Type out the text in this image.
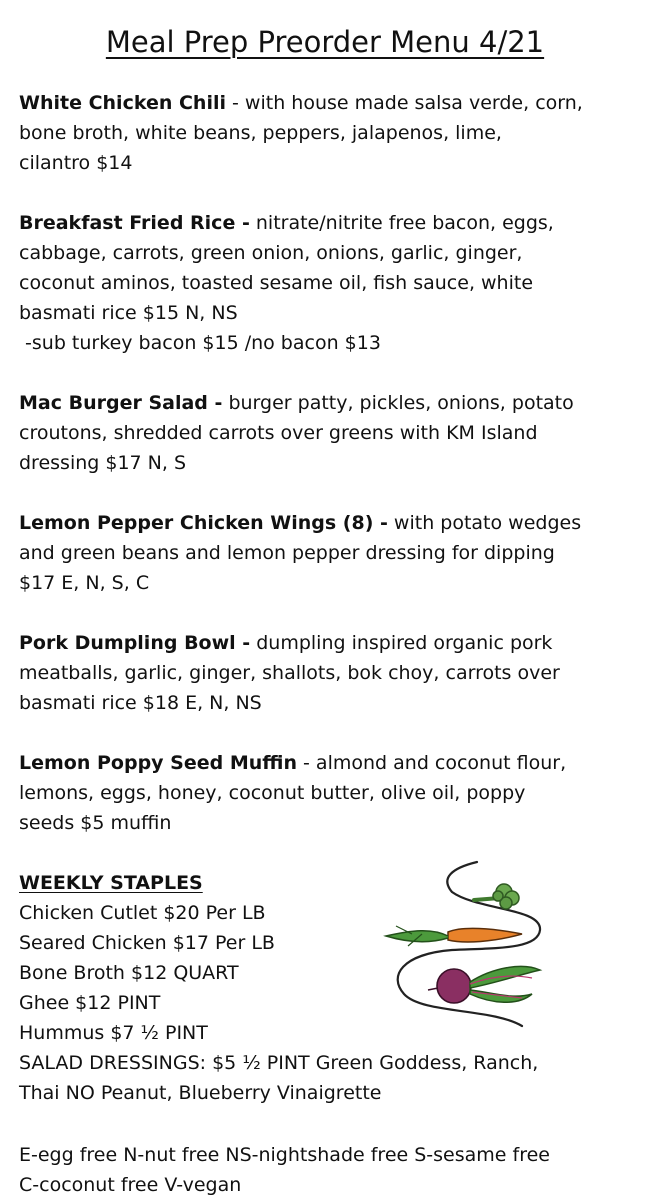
Meal Prep Preorder Menu 4/21
White Chicken Chili - with house made salsa verde, corn,
bone broth, white beans, peppers, jalapenos, lime,
cilantro $14
Breakfast Fried Rice - nitrate/nitrite free bacon, eggs,
cabbage, carrots, green onion, onions, garlic, ginger,
coconut aminos, toasted sesame oil, fish sauce, white
basmati rice $15 N, NS
-sub turkey bacon $15 /no bacon $13
Mac Burger Salad - burger patty, pickles, onions, potato
croutons, shredded carrots over greens with KM Island
dressing $17 N, S
Lemon Pepper Chicken Wings (8) - with potato wedges
and green beans and lemon pepper dressing for dipping
$17 E, N, S, C
Pork Dumpling Bowl - dumpling inspired organic pork
meatballs, garlic, ginger, shallots, bok choy, carrots over
basmati rice $18 E, N, NS
Lemon Poppy Seed Muffin - almond and coconut flour,
lemons, eggs, honey, coconut butter, olive oil, poppy
seeds $5 muffin
WEEKLY STAPLES
Chicken Cutlet $20 Per LB
Seared Chicken $17 Per LB
Bone Broth $12 QUART
Ghee $12 PINT
Hummus $7 ½ PINT
SALAD DRESSINGS: $5 ½ PINT Green Goddess, Ranch,
Thai NO Peanut, Blueberry Vinaigrette
E-egg free N-nut free NS-nightshade free S-sesame free
C-coconut free V-vegan
